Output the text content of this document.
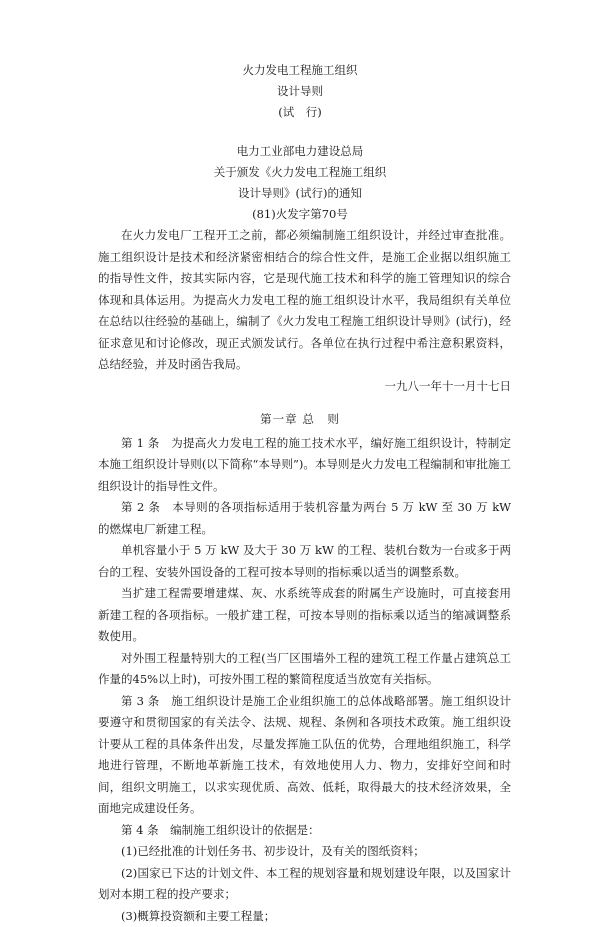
火力发电工程施工组织
设计导则
(试　行)
电力工业部电力建设总局
关于颁发《火力发电工程施工组织
设计导则》(试行)的通知
(81)火发字第70号

在火力发电厂工程开工之前，都必须编制施工组织设计，并经过审查批准。施工组织设计是技术和经济紧密相结合的综合性文件，是施工企业据以组织施工的指导性文件，按其实际内容，它是现代施工技术和科学的施工管理知识的综合体现和具体运用。为提高火力发电工程的施工组织设计水平，我局组织有关单位在总结以往经验的基础上，编制了《火力发电工程施工组织设计导则》(试行)，经征求意见和讨论修改，现正式颁发试行。各单位在执行过程中希注意积累资料，总结经验，并及时函告我局。

一九八一年十一月十七日
第一章 总　则

第 1 条　为提高火力发电工程的施工技术水平，编好施工组织设计，特制定本施工组织设计导则(以下简称“本导则”)。本导则是火力发电工程编制和审批施工组织设计的指导性文件。

第 2 条　本导则的各项指标适用于装机容量为两台 5 万 kW 至 30 万 kW 的燃煤电厂新建工程。

单机容量小于 5 万 kW 及大于 30 万 kW 的工程、装机台数为一台或多于两台的工程、安装外国设备的工程可按本导则的指标乘以适当的调整系数。

当扩建工程需要增建煤、灰、水系统等成套的附属生产设施时，可直接套用新建工程的各项指标。一般扩建工程，可按本导则的指标乘以适当的缩减调整系数使用。

对外围工程量特别大的工程(当厂区围墙外工程的建筑工程工作量占建筑总工作量的45%以上时)，可按外围工程的繁简程度适当放宽有关指标。

第 3 条　施工组织设计是施工企业组织施工的总体战略部署。施工组织设计要遵守和贯彻国家的有关法令、法规、规程、条例和各项技术政策。施工组织设计要从工程的具体条件出发，尽量发挥施工队伍的优势，合理地组织施工，科学地进行管理，不断地革新施工技术，有效地使用人力、物力，安排好空间和时间，组织文明施工，以求实现优质、高效、低耗，取得最大的技术经济效果，全面地完成建设任务。

第 4 条　编制施工组织设计的依据是：

(1)已经批准的计划任务书、初步设计，及有关的图纸资料；

(2)国家已下达的计划文件、本工程的规划容量和规划建设年限，以及国家计划对本期工程的投产要求；

(3)概算投资额和主要工程量；
